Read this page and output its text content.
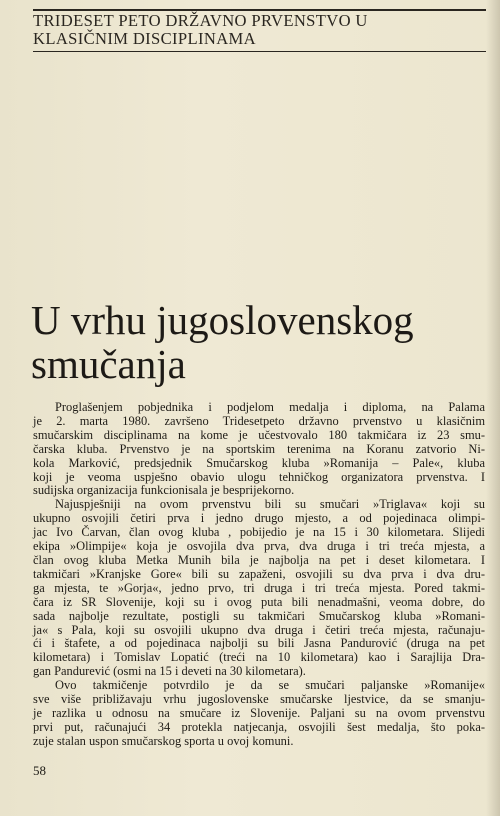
TRIDESET PETO DRŽAVNO PRVENSTVO U
KLASIČNIM DISCIPLINAMA
U vrhu jugoslovenskog
smučanja
Proglašenjem pobjednika i podjelom medalja i diploma, na Palama
je 2. marta 1980. završeno Tridesetpeto državno prvenstvo u klasičnim
smučarskim disciplinama na kome je učestvovalo 180 takmičara iz 23 smu-
čarska kluba. Prvenstvo je na sportskim terenima na Koranu zatvorio Ni-
kola Marković, predsjednik Smučarskog kluba »Romanija – Pale«, kluba
koji je veoma uspješno obavio ulogu tehničkog organizatora prvenstva. I
sudijska organizacija funkcionisala je besprijekorno.
Najuspješniji na ovom prvenstvu bili su smučari »Triglava« koji su
ukupno osvojili četiri prva i jedno drugo mjesto, a od pojedinaca olimpi-
jac Ivo Čarvan, član ovog kluba , pobijedio je na 15 i 30 kilometara. Slijedi
ekipa »Olimpije« koja je osvojila dva prva, dva druga i tri treća mjesta, a
član ovog kluba Metka Munih bila je najbolja na pet i deset kilometara. I
takmičari »Kranjske Gore« bili su zapaženi, osvojili su dva prva i dva dru-
ga mjesta, te »Gorja«, jedno prvo, tri druga i tri treća mjesta. Pored takmi-
čara iz SR Slovenije, koji su i ovog puta bili nenadmašni, veoma dobre, do
sada najbolje rezultate, postigli su takmičari Smučarskog kluba »Romani-
ja« s Pala, koji su osvojili ukupno dva druga i četiri treća mjesta, računaju-
ći i štafete, a od pojedinaca najbolji su bili Jasna Pandurović (druga na pet
kilometara) i Tomislav Lopatić (treći na 10 kilometara) kao i Sarajlija Dra-
gan Pandurević (osmi na 15 i deveti na 30 kilometara).
Ovo takmičenje potvrdilo je da se smučari paljanske »Romanije«
sve više približavaju vrhu jugoslovenske smučarske ljestvice, da se smanju-
je razlika u odnosu na smučare iz Slovenije. Paljani su na ovom prvenstvu
prvi put, računajući 34 protekla natjecanja, osvojili šest medalja, što poka-
zuje stalan uspon smučarskog sporta u ovoj komuni.
58
